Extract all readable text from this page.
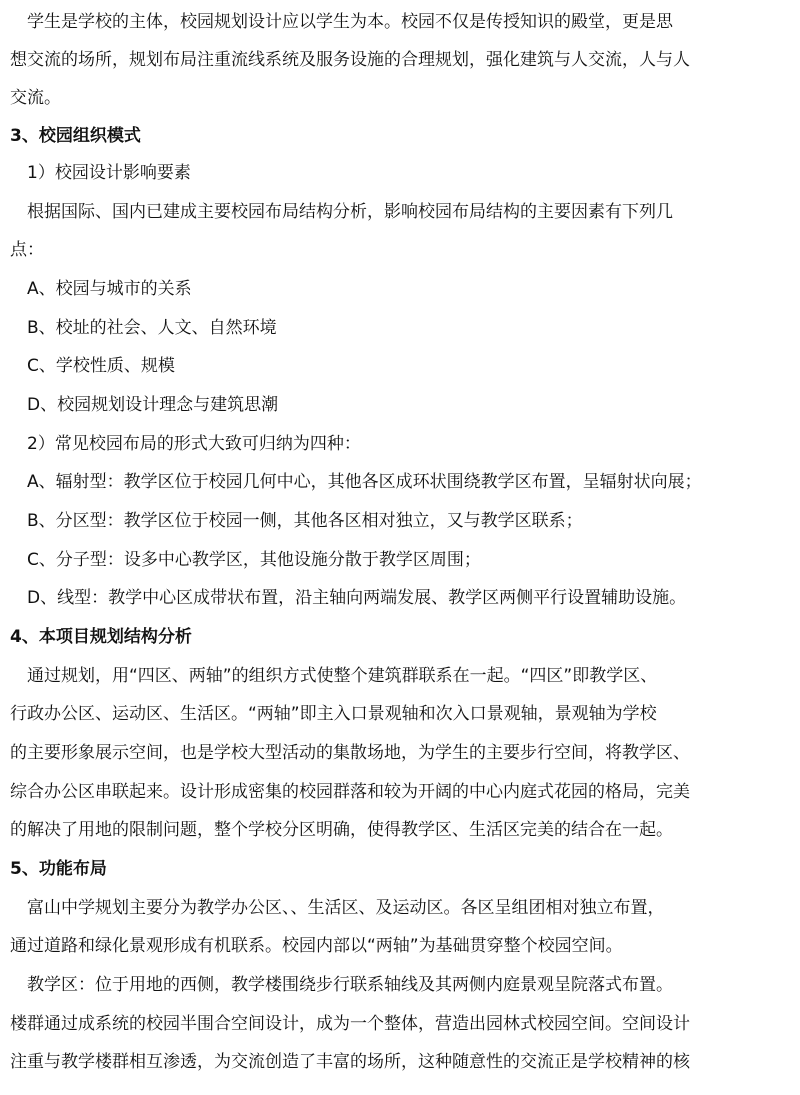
　学生是学校的主体，校园规划设计应以学生为本。校园不仅是传授知识的殿堂，更是思
想交流的场所，规划布局注重流线系统及服务设施的合理规划，强化建筑与人交流，人与人
交流。
3、校园组织模式
　1）校园设计影响要素
　根据国际、国内已建成主要校园布局结构分析，影响校园布局结构的主要因素有下列几
点：
　A、校园与城市的关系
　B、校址的社会、人文、自然环境
　C、学校性质、规模
　D、校园规划设计理念与建筑思潮
　2）常见校园布局的形式大致可归纳为四种：
　A、辐射型：教学区位于校园几何中心，其他各区成环状围绕教学区布置，呈辐射状向展；
　B、分区型：教学区位于校园一侧，其他各区相对独立，又与教学区联系；
　C、分子型：设多中心教学区，其他设施分散于教学区周围；
　D、线型：教学中心区成带状布置，沿主轴向两端发展、教学区两侧平行设置辅助设施。
4、本项目规划结构分析
　通过规划，用“四区、两轴”的组织方式使整个建筑群联系在一起。“四区”即教学区、
行政办公区、运动区、生活区。“两轴”即主入口景观轴和次入口景观轴，景观轴为学校
的主要形象展示空间，也是学校大型活动的集散场地，为学生的主要步行空间，将教学区、
综合办公区串联起来。设计形成密集的校园群落和较为开阔的中心内庭式花园的格局，完美
的解决了用地的限制问题，整个学校分区明确，使得教学区、生活区完美的结合在一起。
5、功能布局
　富山中学规划主要分为教学办公区、、生活区、及运动区。各区呈组团相对独立布置，
通过道路和绿化景观形成有机联系。校园内部以“两轴”为基础贯穿整个校园空间。
　教学区：位于用地的西侧，教学楼围绕步行联系轴线及其两侧内庭景观呈院落式布置。
楼群通过成系统的校园半围合空间设计，成为一个整体，营造出园林式校园空间。空间设计
注重与教学楼群相互渗透，为交流创造了丰富的场所，这种随意性的交流正是学校精神的核
